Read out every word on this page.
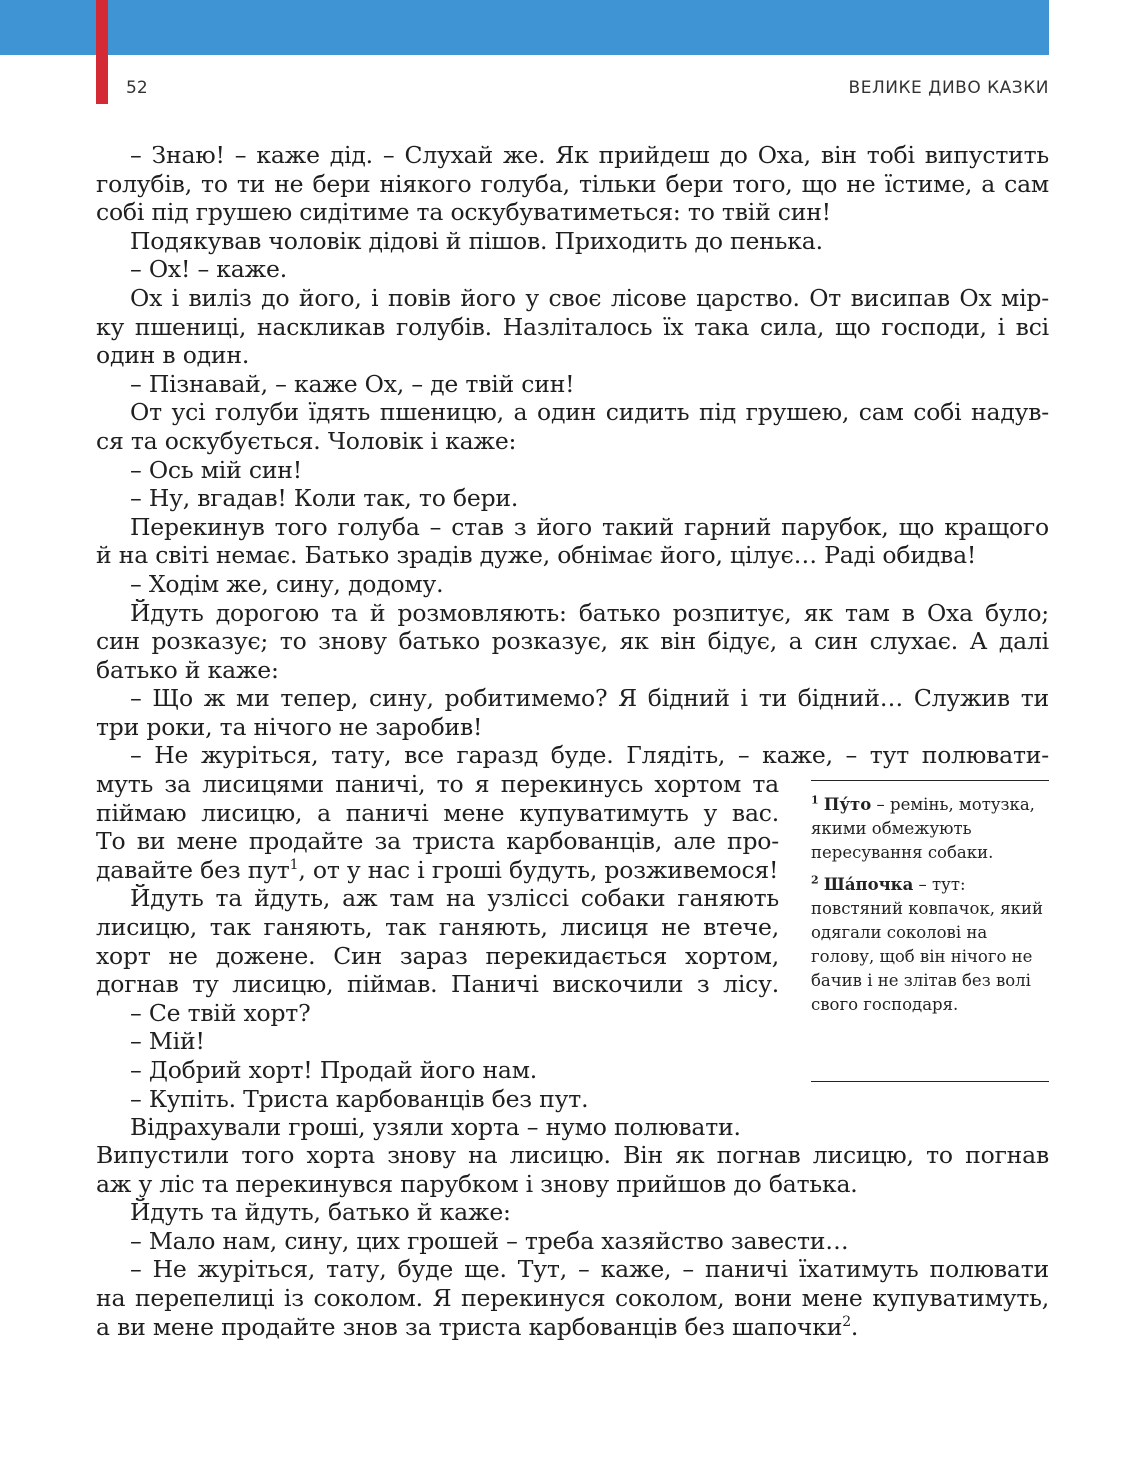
52	ВЕЛИКЕ ДИВО КАЗКИ
– Знаю! – каже дід. – Слухай же. Як прийдеш до Оха, він тобі випустить
голубів, то ти не бери ніякого голуба, тільки бери того, що не їстиме, а сам
собі під грушею сидітиме та оскубуватиметься: то твій син!
Подякував чоловік дідові й пішов. Приходить до пенька.
– Ох! – каже.
Ох і виліз до його, і повів його у своє лісове царство. От висипав Ох мір-
ку пшениці, наскликав голубів. Назліталось їх така сила, що господи, і всі
один в один.
– Пізнавай, – каже Ох, – де твій син!
От усі голуби їдять пшеницю, а один сидить під грушею, сам собі надув-
ся та оскубується. Чоловік і каже:
– Ось мій син!
– Ну, вгадав! Коли так, то бери.
Перекинув того голуба – став з його такий гарний парубок, що кращого
й на світі немає. Батько зрадів дуже, обнімає його, цілує… Раді обидва!
– Ходім же, сину, додому.
Йдуть дорогою та й розмовляють: батько розпитує, як там в Оха було;
син розказує; то знову батько розказує, як він бідує, а син слухає. А далі
батько й каже:
– Що ж ми тепер, сину, робитимемо? Я бідний і ти бідний… Служив ти
три роки, та нічого не заробив!
– Не журіться, тату, все гаразд буде. Глядіть, – каже, – тут полювати-
муть за лисицями паничі, то я перекинусь хортом та
піймаю лисицю, а паничі мене купуватимуть у вас.
То ви мене продайте за триста карбованців, але про-
давайте без пут$^1$, от у нас і гроші будуть, розживемося!
Йдуть та йдуть, аж там на узліссі собаки ганяють
лисицю, так ганяють, так ганяють, лисиця не втече,
хорт не дожене. Син зараз перекидається хортом,
догнав ту лисицю, піймав. Паничі вискочили з лісу.
– Се твій хорт?
– Мій!
– Добрий хорт! Продай його нам.
– Купіть. Триста карбованців без пут.
Відрахували гроші, узяли хорта – нумо полювати.
Випустили того хорта знову на лисицю. Він як погнав лисицю, то погнав
аж у ліс та перекинувся парубком і знову прийшов до батька.
Йдуть та йдуть, батько й каже:
– Мало нам, сину, цих грошей – треба хазяйство завести…
– Не журіться, тату, буде ще. Тут, – каже, – паничі їхатимуть полювати
на перепелиці із соколом. Я перекинуся соколом, вони мене купуватимуть,
а ви мене продайте знов за триста карбованців без шапочки$^2$.
$^1$ Пу́то – ремінь, мотузка, якими обмежують пересування собаки.
$^2$ Ша́почка – тут: повстяний ковпачок, який одягали соколові на голову, щоб він нічого не бачив і не злітав без волі свого господаря.
